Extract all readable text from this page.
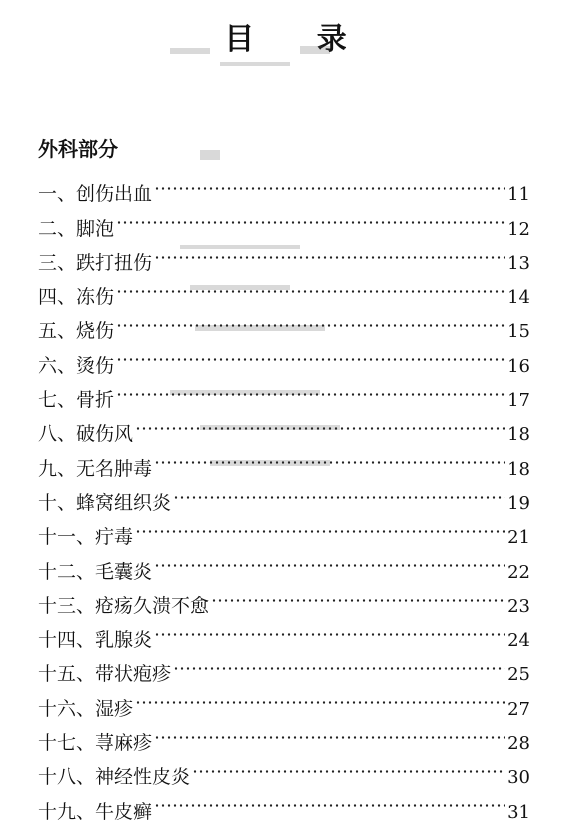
目 录
外科部分
一、创伤出血	11
二、脚泡	12
三、跌打扭伤	13
四、冻伤	14
五、烧伤	15
六、烫伤	16
七、骨折	17
八、破伤风	18
九、无名肿毒	18
十、蜂窝组织炎	19
十一、疔毒	21
十二、毛囊炎	22
十三、疮疡久溃不愈	23
十四、乳腺炎	24
十五、带状疱疹	25
十六、湿疹	27
十七、荨麻疹	28
十八、神经性皮炎	30
十九、牛皮癣	31
